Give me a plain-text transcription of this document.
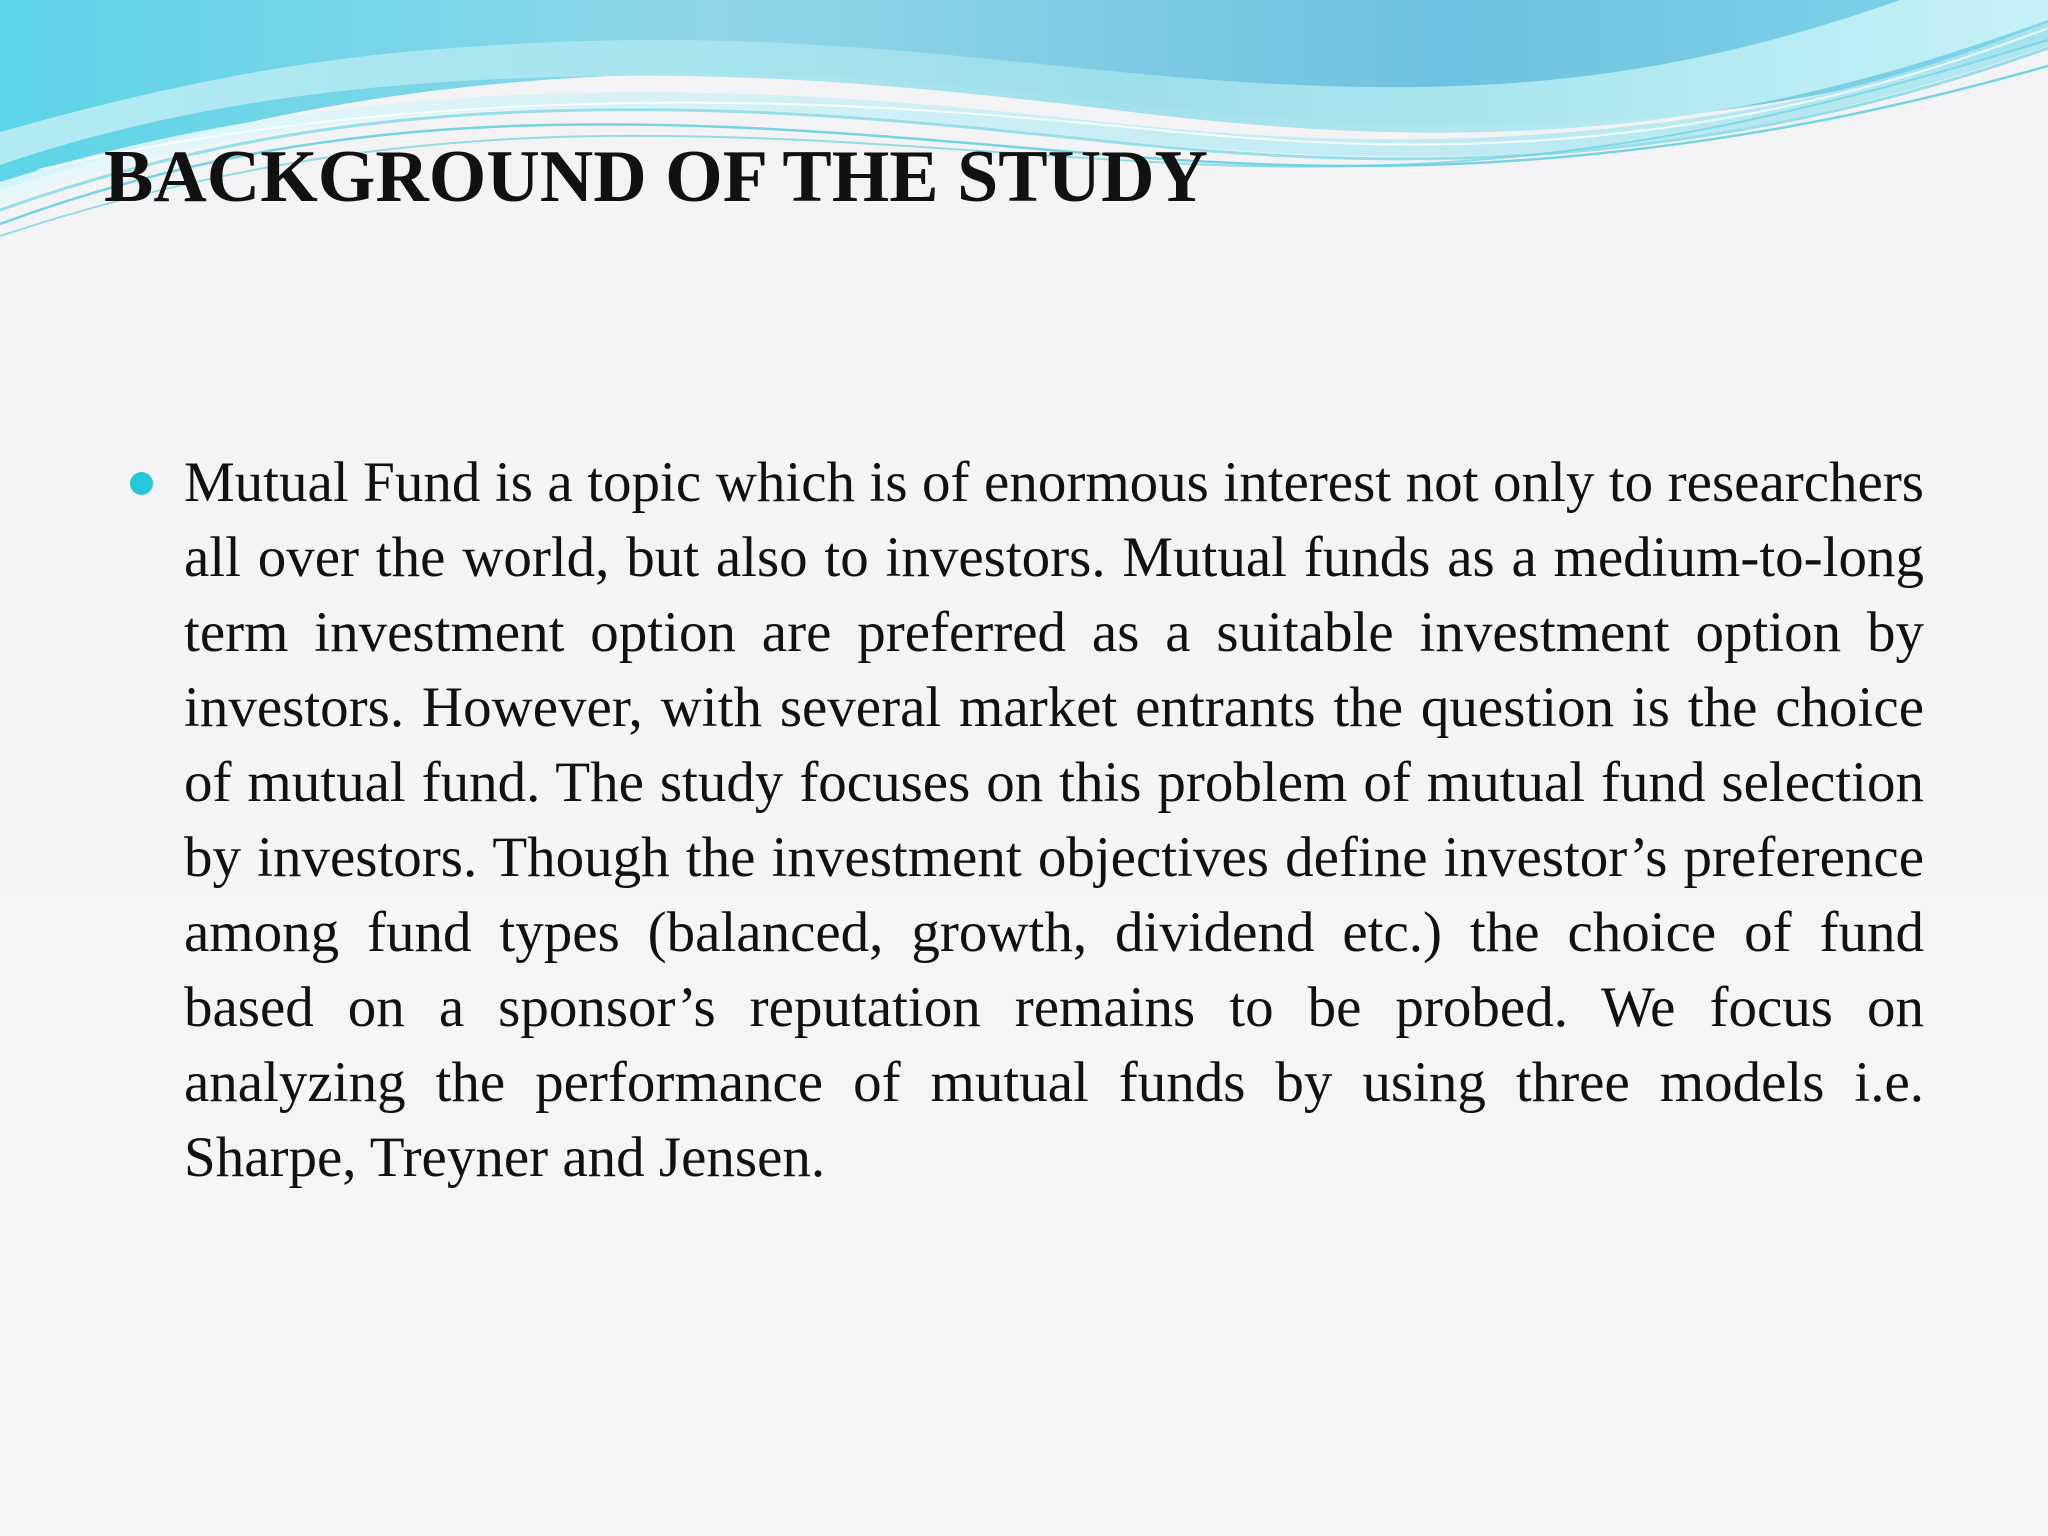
BACKGROUND OF THE STUDY
Mutual Fund is a topic which is of enormous interest not only to researchers all over the world, but also to investors. Mutual funds as a medium-to-long term investment option are preferred as a suitable investment option by investors. However, with several market entrants the question is the choice of mutual fund. The study focuses on this problem of mutual fund selection by investors. Though the investment objectives define investor’s preference among fund types (balanced, growth, dividend etc.) the choice of fund based on a sponsor’s reputation remains to be probed. We focus on analyzing the performance of mutual funds by using three models i.e. Sharpe, Treyner and Jensen.
